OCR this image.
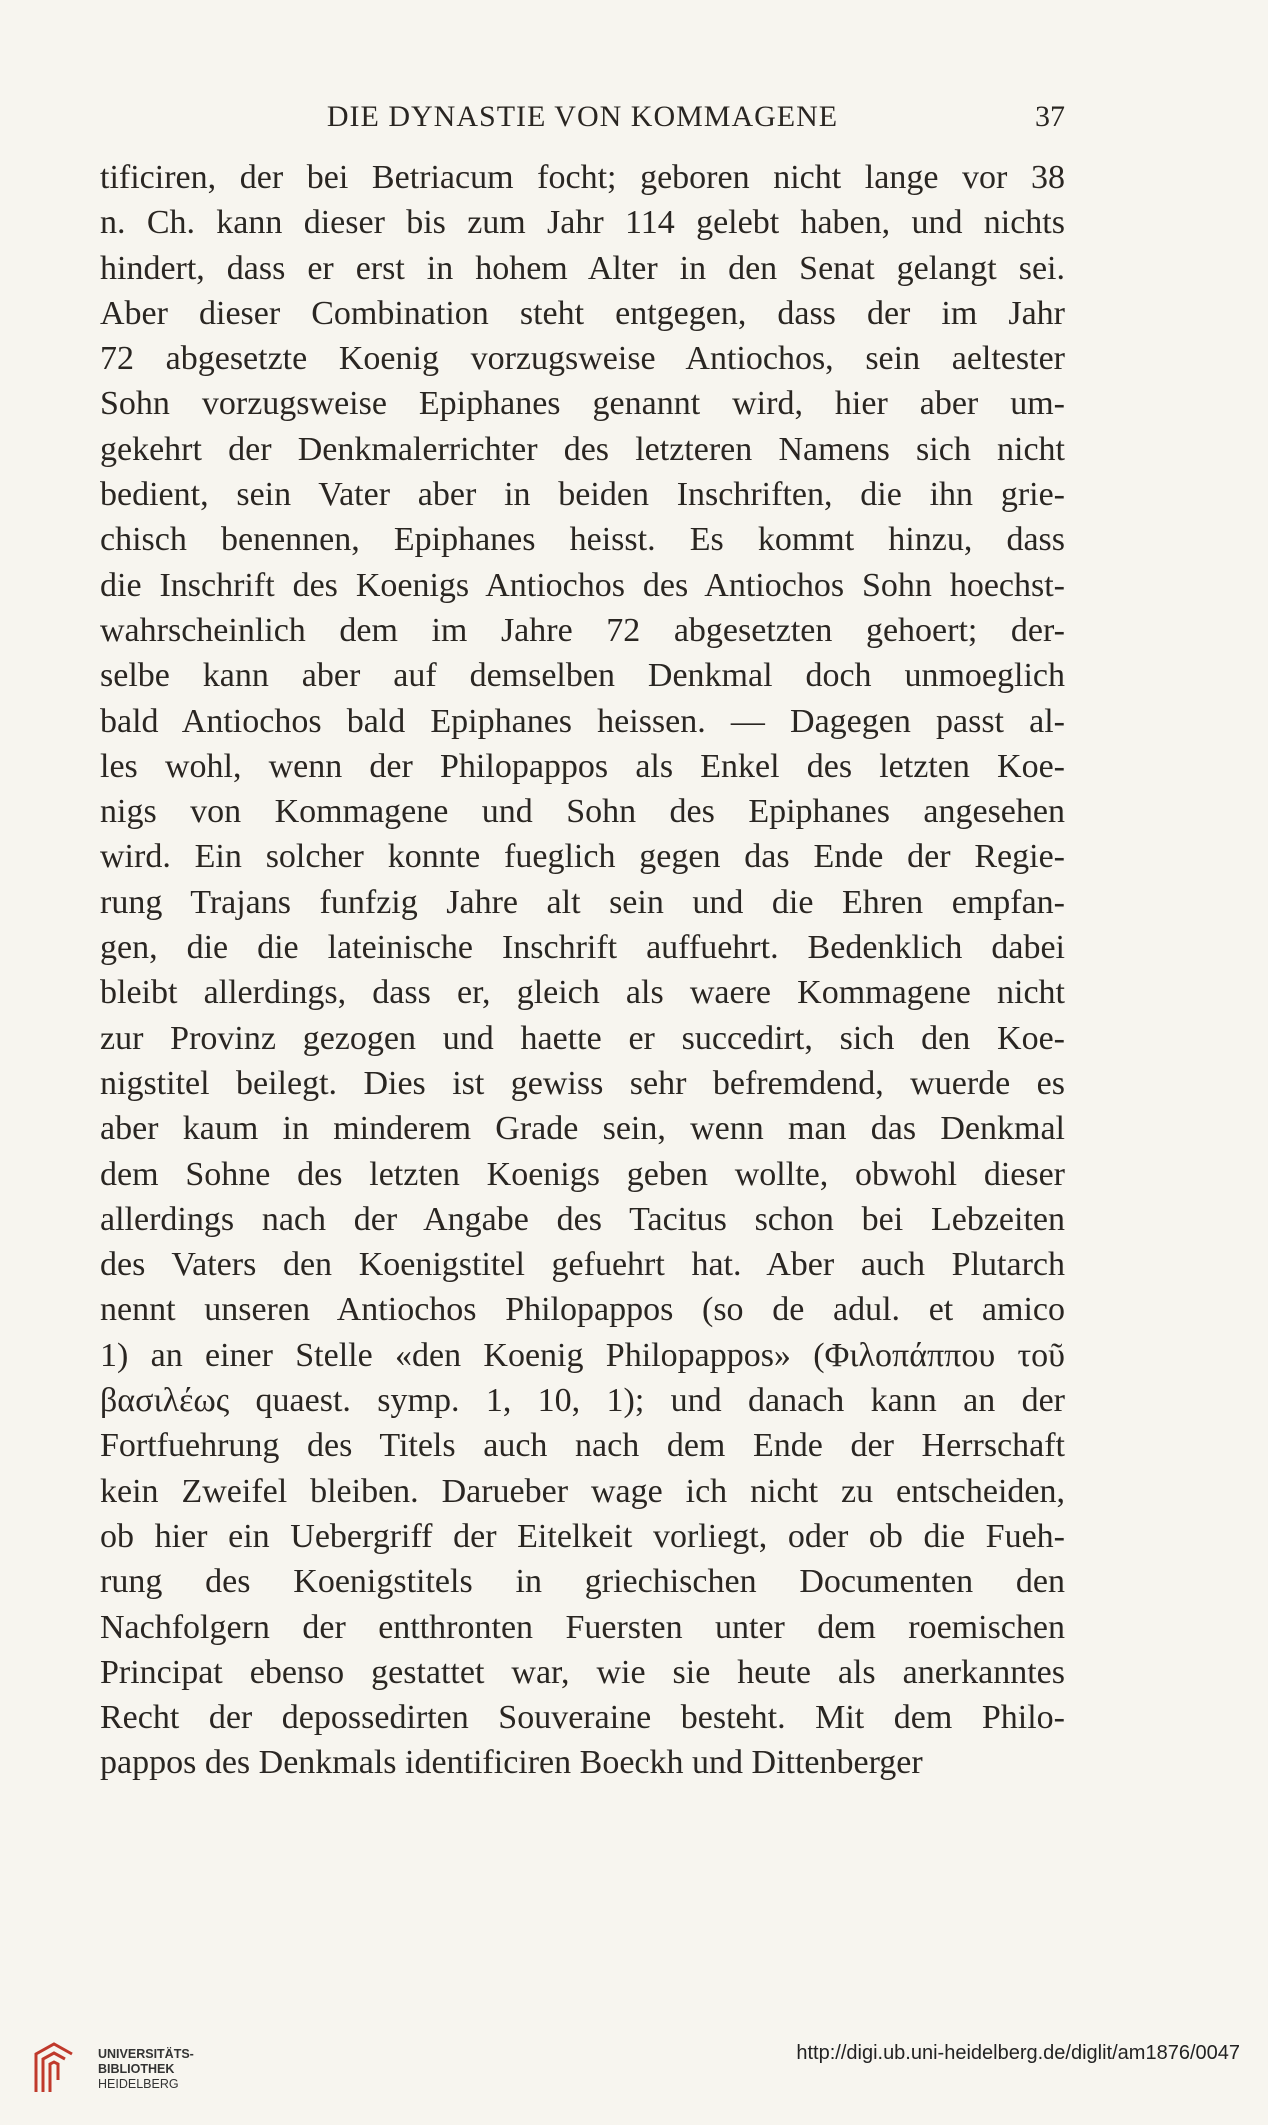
DIE DYNASTIE VON KOMMAGENE	37
tificiren, der bei Betriacum focht; geboren nicht lange vor 38
n. Ch. kann dieser bis zum Jahr 114 gelebt haben, und nichts
hindert, dass er erst in hohem Alter in den Senat gelangt sei.
Aber dieser Combination steht entgegen, dass der im Jahr
72 abgesetzte Koenig vorzugsweise Antiochos, sein aeltester
Sohn vorzugsweise Epiphanes genannt wird, hier aber um-
gekehrt der Denkmalerrichter des letzteren Namens sich nicht
bedient, sein Vater aber in beiden Inschriften, die ihn grie-
chisch benennen, Epiphanes heisst. Es kommt hinzu, dass
die Inschrift des Koenigs Antiochos des Antiochos Sohn hoechst-
wahrscheinlich dem im Jahre 72 abgesetzten gehoert; der-
selbe kann aber auf demselben Denkmal doch unmoeglich
bald Antiochos bald Epiphanes heissen. — Dagegen passt al-
les wohl, wenn der Philopappos als Enkel des letzten Koe-
nigs von Kommagene und Sohn des Epiphanes angesehen
wird. Ein solcher konnte fueglich gegen das Ende der Regie-
rung Trajans funfzig Jahre alt sein und die Ehren empfan-
gen, die die lateinische Inschrift auffuehrt. Bedenklich dabei
bleibt allerdings, dass er, gleich als waere Kommagene nicht
zur Provinz gezogen und haette er succedirt, sich den Koe-
nigstitel beilegt. Dies ist gewiss sehr befremdend, wuerde es
aber kaum in minderem Grade sein, wenn man das Denkmal
dem Sohne des letzten Koenigs geben wollte, obwohl dieser
allerdings nach der Angabe des Tacitus schon bei Lebzeiten
des Vaters den Koenigstitel gefuehrt hat. Aber auch Plutarch
nennt unseren Antiochos Philopappos (so de adul. et amico
1) an einer Stelle «den Koenig Philopappos» (Φιλοπάππου τοῦ
βασιλέως quaest. symp. 1, 10, 1); und danach kann an der
Fortfuehrung des Titels auch nach dem Ende der Herrschaft
kein Zweifel bleiben. Darueber wage ich nicht zu entscheiden,
ob hier ein Uebergriff der Eitelkeit vorliegt, oder ob die Fueh-
rung des Koenigstitels in griechischen Documenten den
Nachfolgern der entthronten Fuersten unter dem roemischen
Principat ebenso gestattet war, wie sie heute als anerkanntes
Recht der depossedirten Souveraine besteht. Mit dem Philo-
pappos des Denkmals identificiren Boeckh und Dittenberger
UNIVERSITÄTS-
BIBLIOTHEK
HEIDELBERG
http://digi.ub.uni-heidelberg.de/diglit/am1876/0047
